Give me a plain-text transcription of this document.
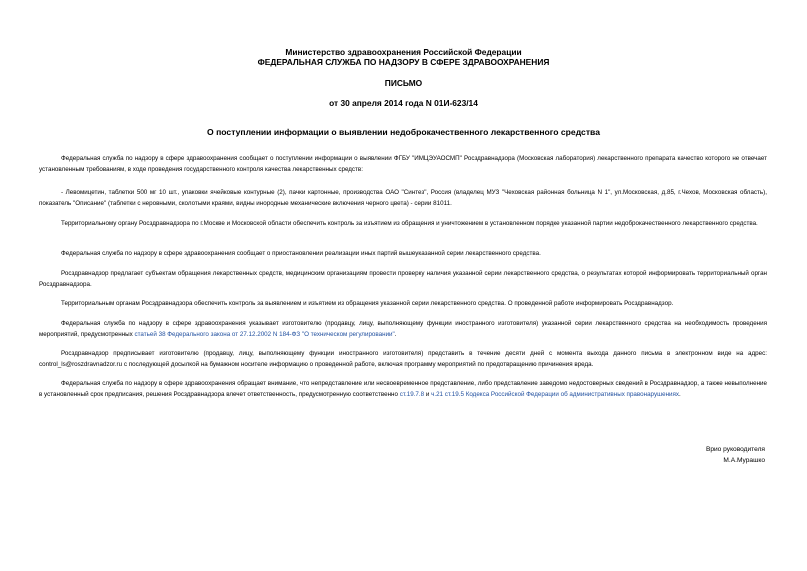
Министерство здравоохранения Российской Федерации
ФЕДЕРАЛЬНАЯ СЛУЖБА ПО НАДЗОРУ В СФЕРЕ ЗДРАВООХРАНЕНИЯ
ПИСЬМО
от 30 апреля 2014 года N 01И-623/14
О поступлении информации о выявлении недоброкачественного лекарственного средства

Федеральная служба по надзору в сфере здравоохранения сообщает о поступлении информации о выявлении ФГБУ "ИМЦЭУАОСМП" Росздравнадзора (Московская лаборатория) лекарственного препарата качество которого не отвечает установленным требованиям, в ходе проведения государственного контроля качества лекарственных средств:

- Левомицетин, таблетки 500 мг 10 шт., упаковки ячейковые контурные (2), пачки картонные, производства ОАО "Синтез", Россия (владелец МУЗ "Чеховская районная больница N 1", ул.Московская, д.85, г.Чехов, Московская область), показатель "Описание" (таблетки с неровными, сколотыми краями, видны инородные механические включения черного цвета) - серии 81011.

Территориальному органу Росздравнадзора по г.Москве и Московской области обеспечить контроль за изъятием из обращения и уничтожением в установленном порядке указанной партии недоброкачественного лекарственного средства.

Федеральная служба по надзору в сфере здравоохранения сообщает о приостановлении реализации иных партий вышеуказанной серии лекарственного средства.

Росздравнадзор предлагает субъектам обращения лекарственных средств, медицинским организациям провести проверку наличия указанной серии лекарственного средства, о результатах которой информировать территориальный орган Росздравнадзора.

Территориальным органам Росздравнадзора обеспечить контроль за выявлением и изъятием из обращения указанной серии лекарственного средства. О проведенной работе информировать Росздравнадзор.

Федеральная служба по надзору в сфере здравоохранения указывает изготовителю (продавцу, лицу, выполняющему функции иностранного изготовителя) указанной серии лекарственного средства на необходимость проведения мероприятий, предусмотренных статьей 38 Федерального закона от 27.12.2002 N 184-ФЗ "О техническом регулировании".

Росздравнадзор предписывает изготовителю (продавцу, лицу, выполняющему функции иностранного изготовителя) представить в течение десяти дней с момента выхода данного письма в электронном виде на адрес: control_ls@roszdravnadzor.ru с последующей досылкой на бумажном носителе информацию о проведенной работе, включая программу мероприятий по предотвращению причинения вреда.

Федеральная служба по надзору в сфере здравоохранения обращает внимание, что непредставление или несвоевременное представление, либо представление заведомо недостоверных сведений в Росздравнадзор, а также невыполнение в установленный срок предписания, решения Росздравнадзора влечет ответственность, предусмотренную соответственно ст.19.7.8 и ч.21 ст.19.5 Кодекса Российской Федерации об административных правонарушениях.

Врио руководителя
М.А.Мурашко
